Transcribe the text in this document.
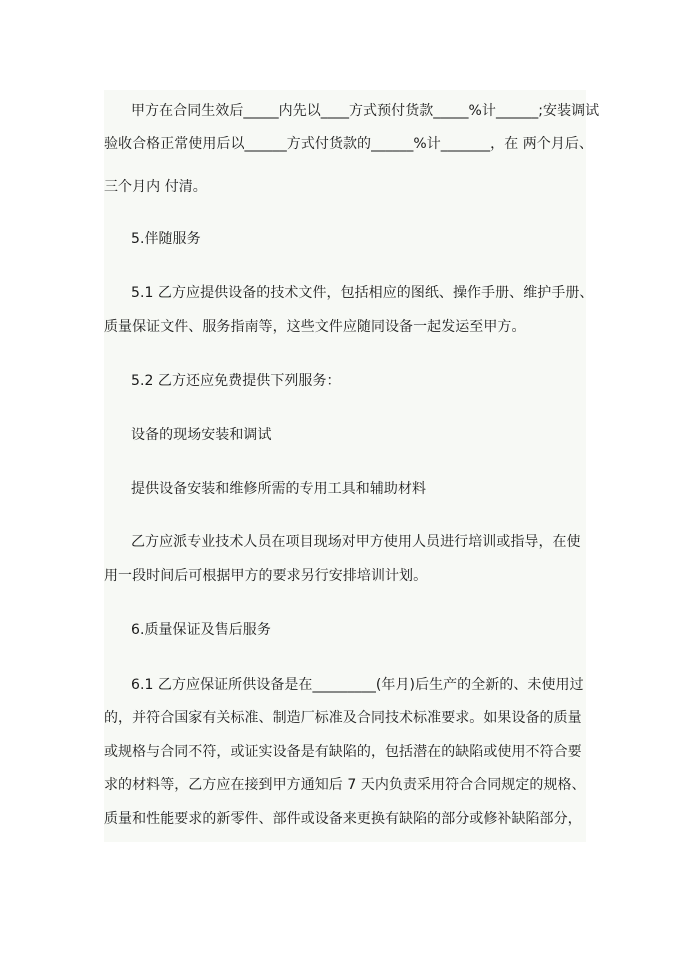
甲方在合同生效后_____内先以____方式预付货款_____%计______;安装调试
验收合格正常使用后以______方式付货款的______%计_______，在 两个月后、
三个月内 付清。
5.伴随服务
5.1 乙方应提供设备的技术文件，包括相应的图纸、操作手册、维护手册、
质量保证文件、服务指南等，这些文件应随同设备一起发运至甲方。
5.2 乙方还应免费提供下列服务：
设备的现场安装和调试
提供设备安装和维修所需的专用工具和辅助材料
乙方应派专业技术人员在项目现场对甲方使用人员进行培训或指导，在使
用一段时间后可根据甲方的要求另行安排培训计划。
6.质量保证及售后服务
6.1 乙方应保证所供设备是在_________(年月)后生产的全新的、未使用过
的，并符合国家有关标准、制造厂标准及合同技术标准要求。如果设备的质量
或规格与合同不符，或证实设备是有缺陷的，包括潜在的缺陷或使用不符合要
求的材料等，乙方应在接到甲方通知后 7 天内负责采用符合合同规定的规格、
质量和性能要求的新零件、部件或设备来更换有缺陷的部分或修补缺陷部分，
